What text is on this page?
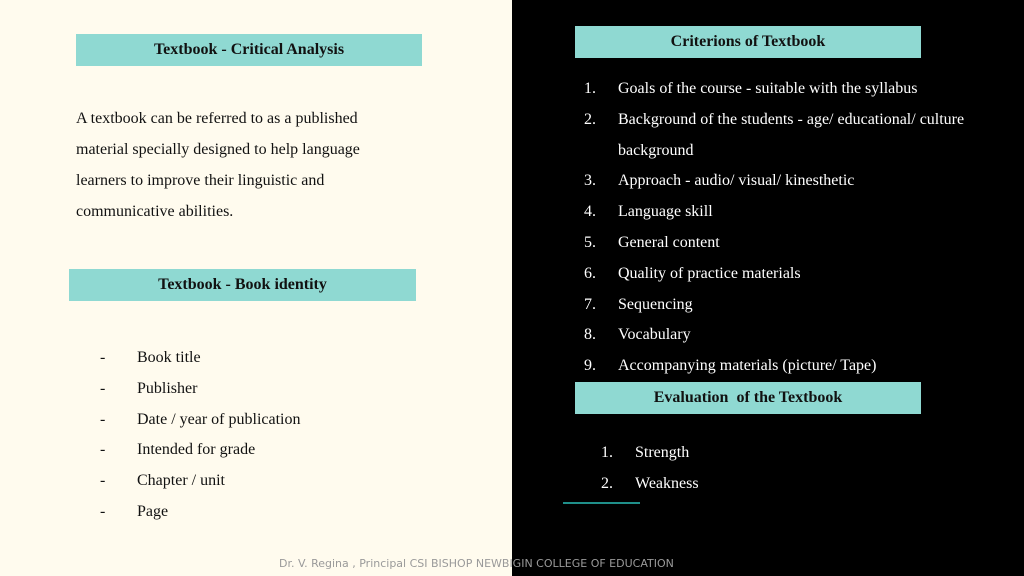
Textbook - Critical Analysis

A textbook can be referred to as a published

material specially designed to help language

learners to improve their linguistic and

communicative abilities.

Textbook - Book identity
-	Book title
-	Publisher
-	Date / year of publication
-	Intended for grade
-	Chapter / unit
-	Page
Criterions of Textbook
1.	Goals of the course - suitable with the syllabus
2.	Background of the students - age/ educational/ culture background
3.	Approach - audio/ visual/ kinesthetic
4.	Language skill
5.	General content
6.	Quality of practice materials
7.	Sequencing
8.	Vocabulary
9.	Accompanying materials (picture/ Tape)
Evaluation  of the Textbook
1.	Strength
2.	Weakness
Dr. V. Regina , Principal CSI BISHOP NEWBIGIN COLLEGE OF EDUCATION
